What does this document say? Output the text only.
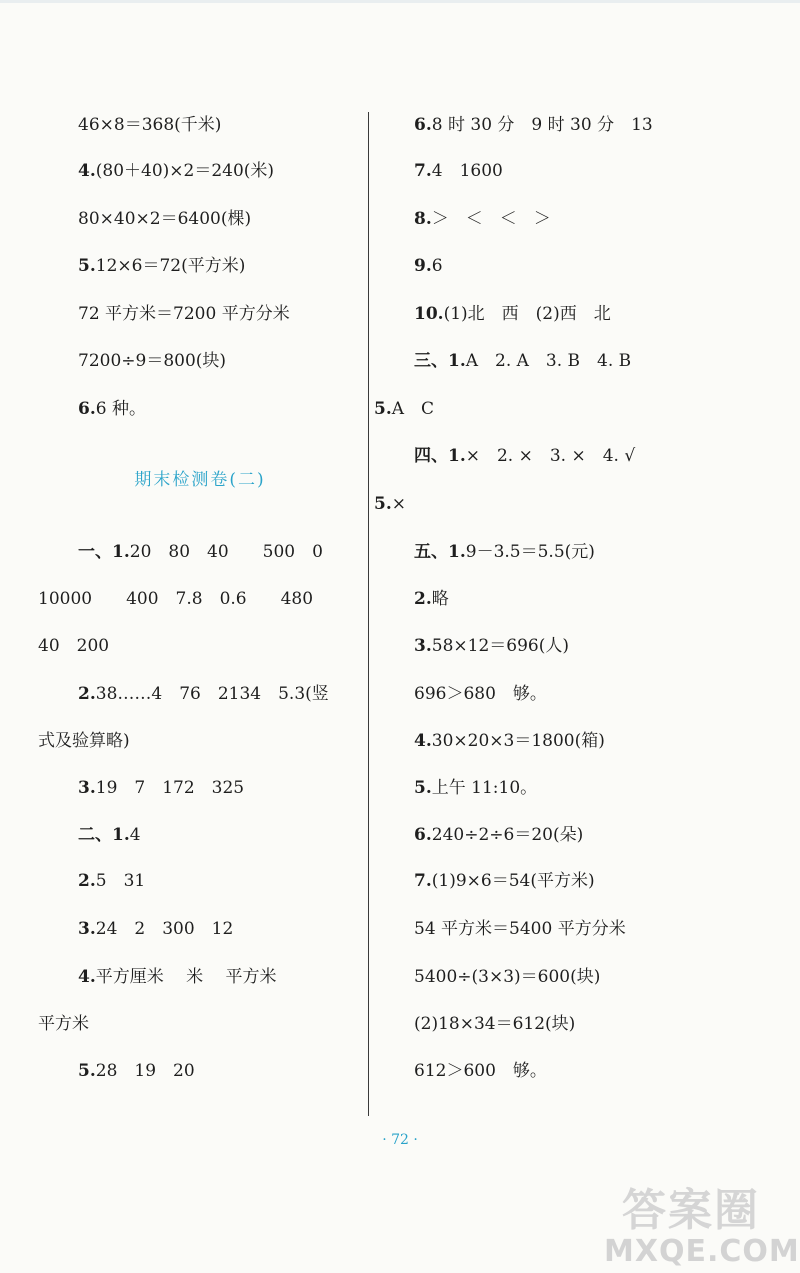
46×8＝368(千米)
4.(80＋40)×2＝240(米)
80×40×2＝6400(棵)
5.12×6＝72(平方米)
72 平方米＝7200 平方分米
7200÷9＝800(块)
6.6 种。
一、1.20　80　40　　500　0
10000　　400　7.8　0.6　　480
40　200
2.38……4　76　2134　5.3(竖
式及验算略)
3.19　7　172　325
二、1.4
2.5　31
3.24　2　300　12
4.平方厘米　 米　 平方米
平方米
5.28　19　20
6.8 时 30 分　9 时 30 分　13
7.4　1600
8.＞　＜　＜　＞
9.6
10.(1)北　西　(2)西　北
三、1.A　2. A　3. B　4. B
5.A　C
四、1.×　2. ×　3. ×　4. √
5.×
五、1.9－3.5＝5.5(元)
2.略
3.58×12＝696(人)
696＞680　够。
4.30×20×3＝1800(箱)
5.上午 11:10。
6.240÷2÷6＝20(朵)
7.(1)9×6＝54(平方米)
54 平方米＝5400 平方分米
5400÷(3×3)＝600(块)
(2)18×34＝612(块)
612＞600　够。
期末检测卷(二)
· 72 ·
答案圈
MXQE.COM
